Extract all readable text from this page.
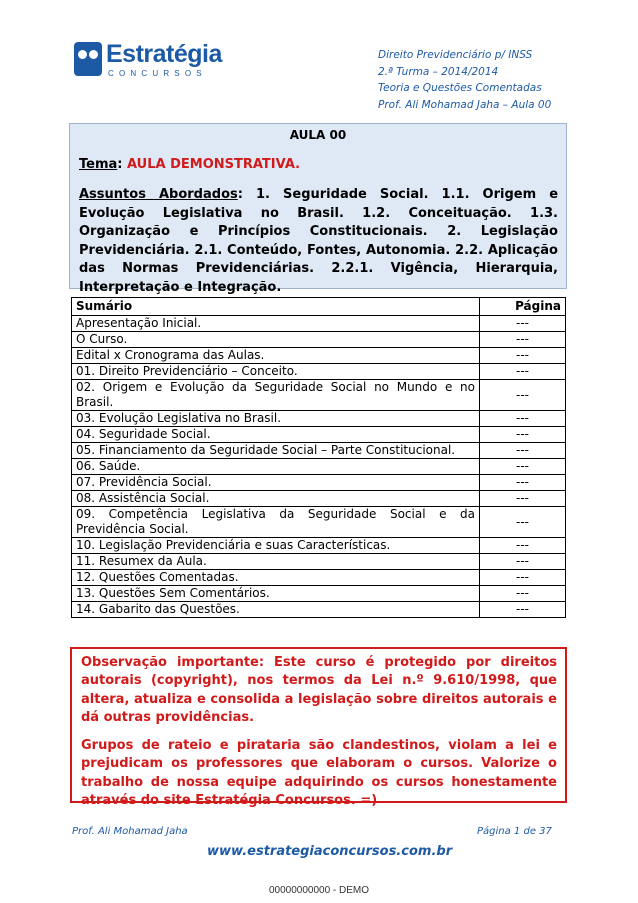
Estratégia
CONCURSOS
Direito Previdenciário p/ INSS
2.ª Turma – 2014/2014
Teoria e Questões Comentadas
Prof. Ali Mohamad Jaha – Aula 00
AULA 00
Tema: AULA DEMONSTRATIVA.
Assuntos Abordados: 1. Seguridade Social. 1.1. Origem e Evolução Legislativa no Brasil. 1.2. Conceituação. 1.3. Organização e Princípios Constitucionais. 2. Legislação Previdenciária. 2.1. Conteúdo, Fontes, Autonomia. 2.2. Aplicação das Normas Previdenciárias. 2.2.1. Vigência, Hierarquia, Interpretação e Integração.
Sumário	Página
Apresentação Inicial.	---
O Curso.	---
Edital x Cronograma das Aulas.	---
01. Direito Previdenciário – Conceito.	---
02. Origem e Evolução da Seguridade Social no Mundo e no Brasil.	---
03. Evolução Legislativa no Brasil.	---
04. Seguridade Social.	---
05. Financiamento da Seguridade Social – Parte Constitucional.	---
06. Saúde.	---
07. Previdência Social.	---
08. Assistência Social.	---
09. Competência Legislativa da Seguridade Social e da Previdência Social.	---
10. Legislação Previdenciária e suas Características.	---
11. Resumex da Aula.	---
12. Questões Comentadas.	---
13. Questões Sem Comentários.	---
14. Gabarito das Questões.	---

Observação importante: Este curso é protegido por direitos autorais (copyright), nos termos da Lei n.º 9.610/1998, que altera, atualiza e consolida a legislação sobre direitos autorais e dá outras providências.

Grupos de rateio e pirataria são clandestinos, violam a lei e prejudicam os professores que elaboram o cursos. Valorize o trabalho de nossa equipe adquirindo os cursos honestamente através do site Estratégia Concursos. =)

Prof. Ali Mohamad Jaha	Página 1 de 37
www.estrategiaconcursos.com.br
00000000000 - DEMO
